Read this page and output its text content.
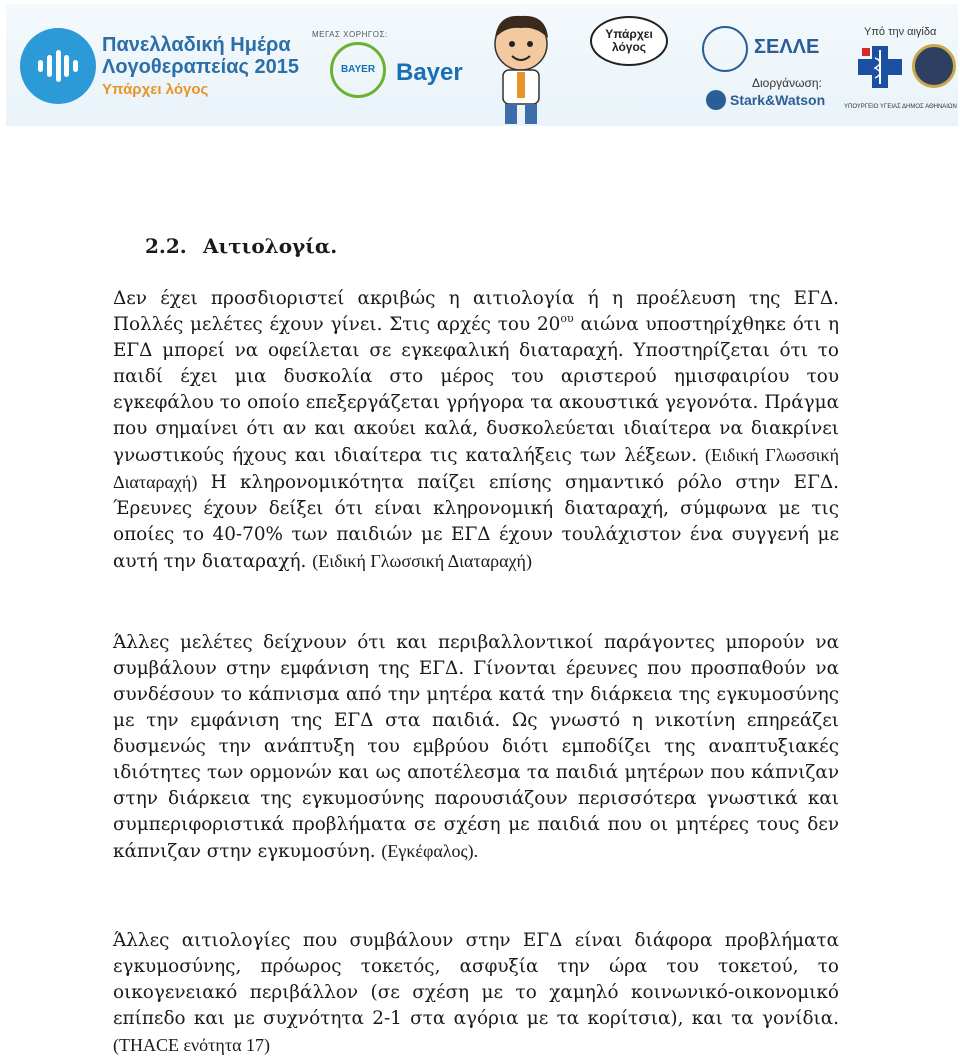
Πανελλαδική Ημέρα
Λογοθεραπείας 2015
Υπάρχει λόγος
ΜΕΓΑΣ ΧΟΡΗΓΟΣ:
BAYER Bayer
Υπάρχει
λόγος	ΣΕΛΛΕ
Διοργάνωση:
Stark&Watson
Υπό την αιγίδα
ΥΠΟΥΡΓΕΙΟ ΥΓΕΙΑΣ ΔΗΜΟΣ ΑΘΗΝΑΙΩΝ
2.2. Αιτιολογία.

Δεν έχει προσδιοριστεί ακριβώς η αιτιολογία ή η προέλευση της ΕΓΔ. Πολλές μελέτες έχουν γίνει. Στις αρχές του $20^{o\upsilon}$ αιώνα υποστηρίχθηκε ότι η ΕΓΔ μπορεί να οφείλεται σε εγκεφαλική διαταραχή. Υποστηρίζεται ότι το παιδί έχει μια δυσκολία στο μέρος του αριστερού ημισφαιρίου του εγκεφάλου το οποίο επεξεργάζεται γρήγορα τα ακουστικά γεγονότα. Πράγμα που σημαίνει ότι αν και ακούει καλά, δυσκολεύεται ιδιαίτερα να διακρίνει γνωστικούς ήχους και ιδιαίτερα τις καταλήξεις των λέξεων. (Ειδική Γλωσσική Διαταραχή) Η κληρονομικότητα παίζει επίσης σημαντικό ρόλο στην ΕΓΔ. Έρευνες έχουν δείξει ότι είναι κληρονομική διαταραχή, σύμφωνα με τις οποίες το 40-70% των παιδιών με ΕΓΔ έχουν τουλάχιστον ένα συγγενή με αυτή την διαταραχή. (Ειδική Γλωσσική Διαταραχή)

Άλλες μελέτες δείχνουν ότι και περιβαλλοντικοί παράγοντες μπορούν να συμβάλουν στην εμφάνιση της ΕΓΔ. Γίνονται έρευνες που προσπαθούν να συνδέσουν το κάπνισμα από την μητέρα κατά την διάρκεια της εγκυμοσύνης με την εμφάνιση της ΕΓΔ στα παιδιά. Ως γνωστό η νικοτίνη επηρεάζει δυσμενώς την ανάπτυξη του εμβρύου διότι εμποδίζει της αναπτυξιακές ιδιότητες των ορμονών και ως αποτέλεσμα τα παιδιά μητέρων που κάπνιζαν στην διάρκεια της εγκυμοσύνης παρουσιάζουν περισσότερα γνωστικά και συμπεριφοριστικά προβλήματα σε σχέση με παιδιά που οι μητέρες τους δεν κάπνιζαν στην εγκυμοσύνη. (Εγκέφαλος).

Άλλες αιτιολογίες που συμβάλουν στην ΕΓΔ είναι διάφορα προβλήματα εγκυμοσύνης, πρόωρος τοκετός, ασφυξία την ώρα του τοκετού, το οικογενειακό περιβάλλον (σε σχέση με το χαμηλό κοινωνικό-οικονομικό επίπεδο και με συχνότητα 2-1 στα αγόρια με τα κορίτσια), και τα γονίδια. (THACE ενότητα 17)
